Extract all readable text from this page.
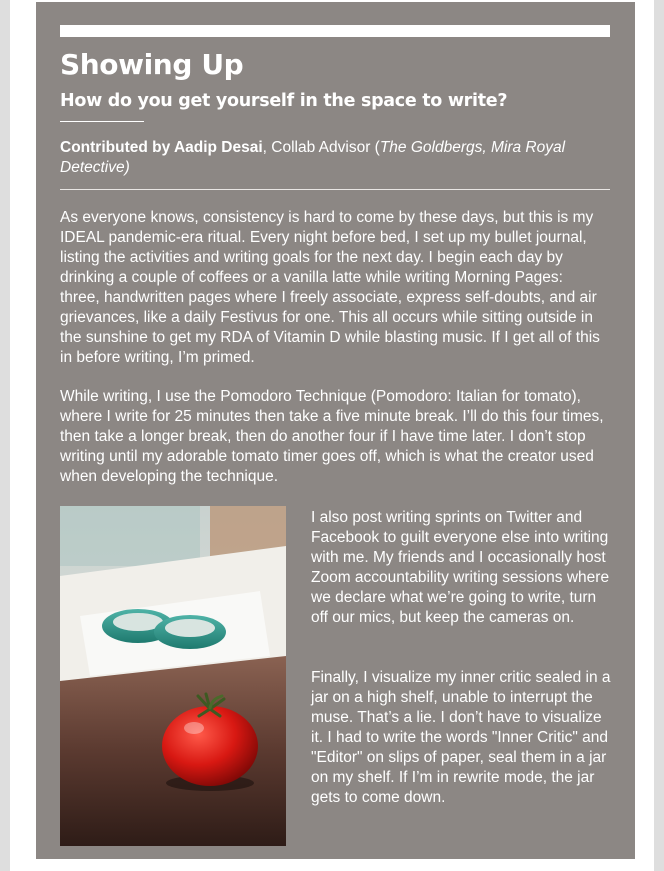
Showing Up
How do you get yourself in the space to write?
Contributed by Aadip Desai, Collab Advisor (The Goldbergs, Mira Royal Detective)

As everyone knows, consistency is hard to come by these days, but this is my IDEAL pandemic-era ritual. Every night before bed, I set up my bullet journal, listing the activities and writing goals for the next day. I begin each day by drinking a couple of coffees or a vanilla latte while writing Morning Pages: three, handwritten pages where I freely associate, express self-doubts, and air grievances, like a daily Festivus for one. This all occurs while sitting outside in the sunshine to get my RDA of Vitamin D while blasting music. If I get all of this in before writing, I’m primed.

While writing, I use the Pomodoro Technique (Pomodoro: Italian for tomato), where I write for 25 minutes then take a five minute break. I’ll do this four times, then take a longer break, then do another four if I have time later. I don’t stop writing until my adorable tomato timer goes off, which is what the creator used when developing the technique.

I also post writing sprints on Twitter and Facebook to guilt everyone else into writing with me. My friends and I occasionally host Zoom accountability writing sessions where we declare what we’re going to write, turn off our mics, but keep the cameras on.

Finally, I visualize my inner critic sealed in a jar on a high shelf, unable to interrupt the muse. That’s a lie. I don’t have to visualize it. I had to write the words "Inner Critic" and "Editor" on slips of paper, seal them in a jar on my shelf. If I’m in rewrite mode, the jar gets to come down.
